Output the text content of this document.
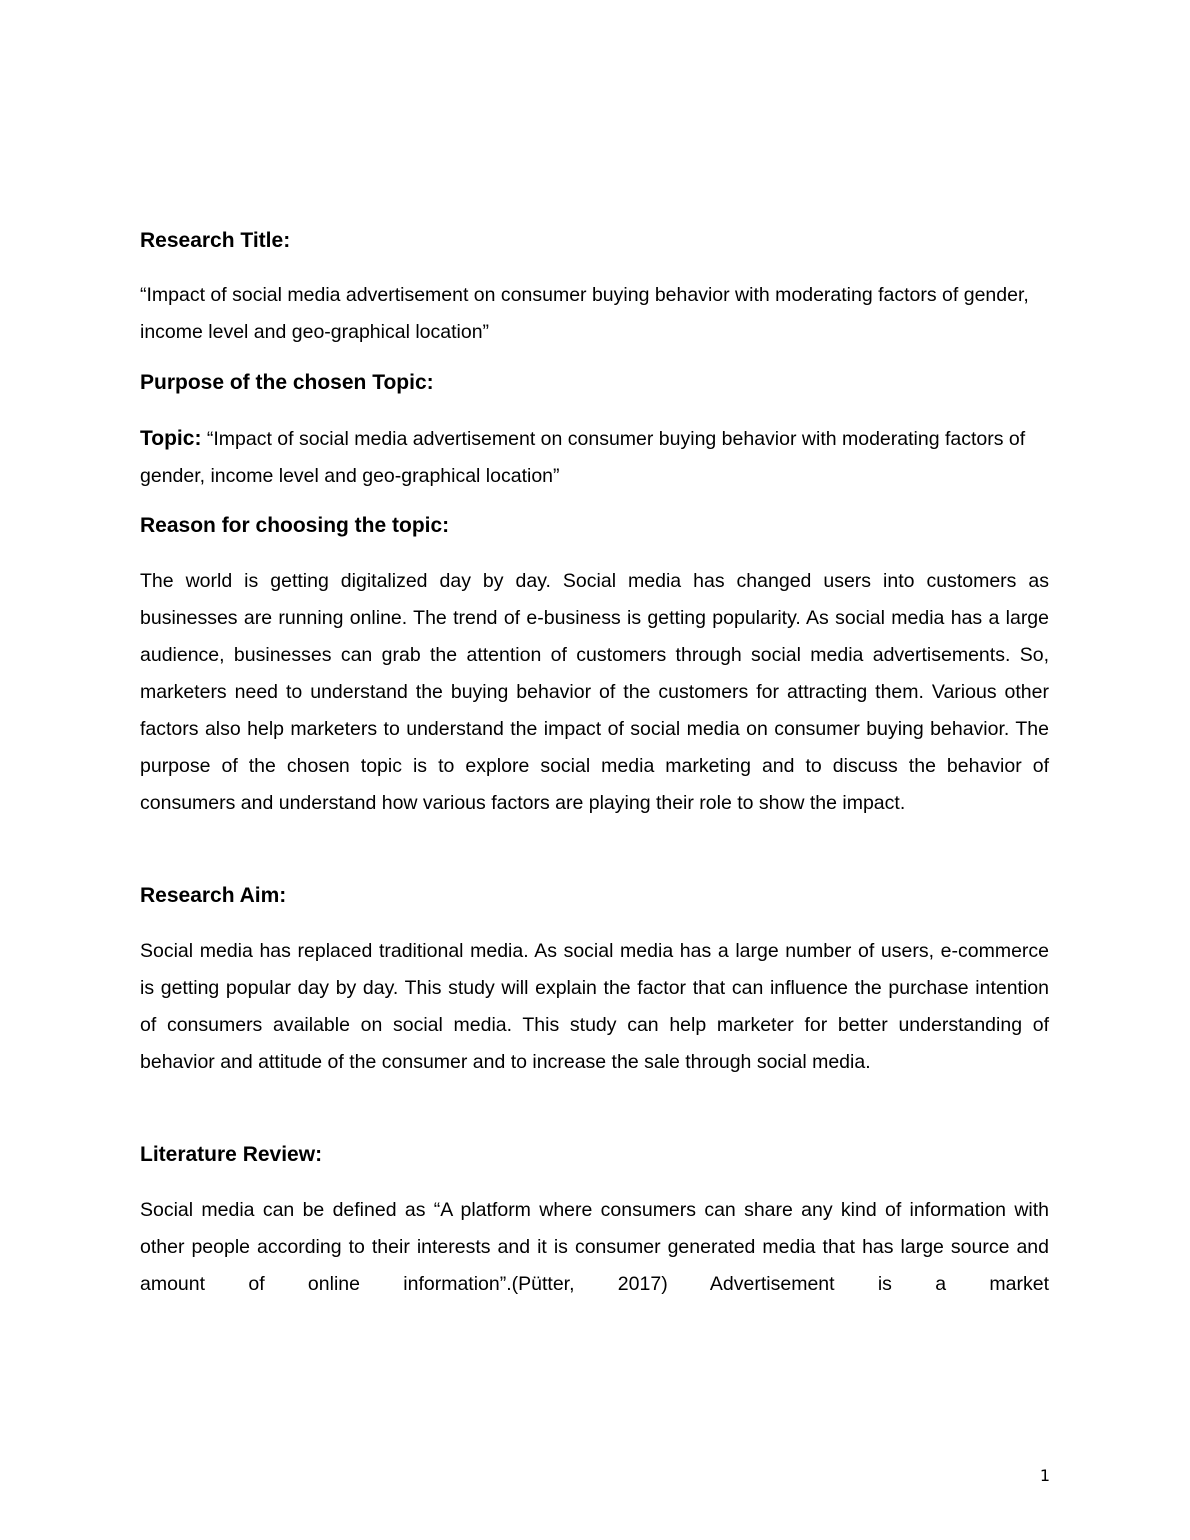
Research Title:

“Impact of social media advertisement on consumer buying behavior with moderating factors of gender, income level and geo-graphical location”

Purpose of the chosen Topic:

Topic: “Impact of social media advertisement on consumer buying behavior with moderating factors of gender, income level and geo-graphical location”

Reason for choosing the topic:

The world is getting digitalized day by day. Social media has changed users into customers as businesses are running online. The trend of e-business is getting popularity. As social media has a large audience, businesses can grab the attention of customers through social media advertisements. So, marketers need to understand the buying behavior of the customers for attracting them. Various other factors also help marketers to understand the impact of social media on consumer buying behavior. The purpose of the chosen topic is to explore social media marketing and to discuss the behavior of consumers and understand how various factors are playing their role to show the impact.

Research Aim:

Social media has replaced traditional media. As social media has a large number of users, e-commerce is getting popular day by day. This study will explain the factor that can influence the purchase intention of consumers available on social media. This study can help marketer for better understanding of behavior and attitude of the consumer and to increase the sale through social media.

Literature Review:

Social media can be defined as “A platform where consumers can share any kind of information with other people according to their interests and it is consumer generated media that has large source and amount of online information”.(Pütter, 2017) Advertisement is a market

1
